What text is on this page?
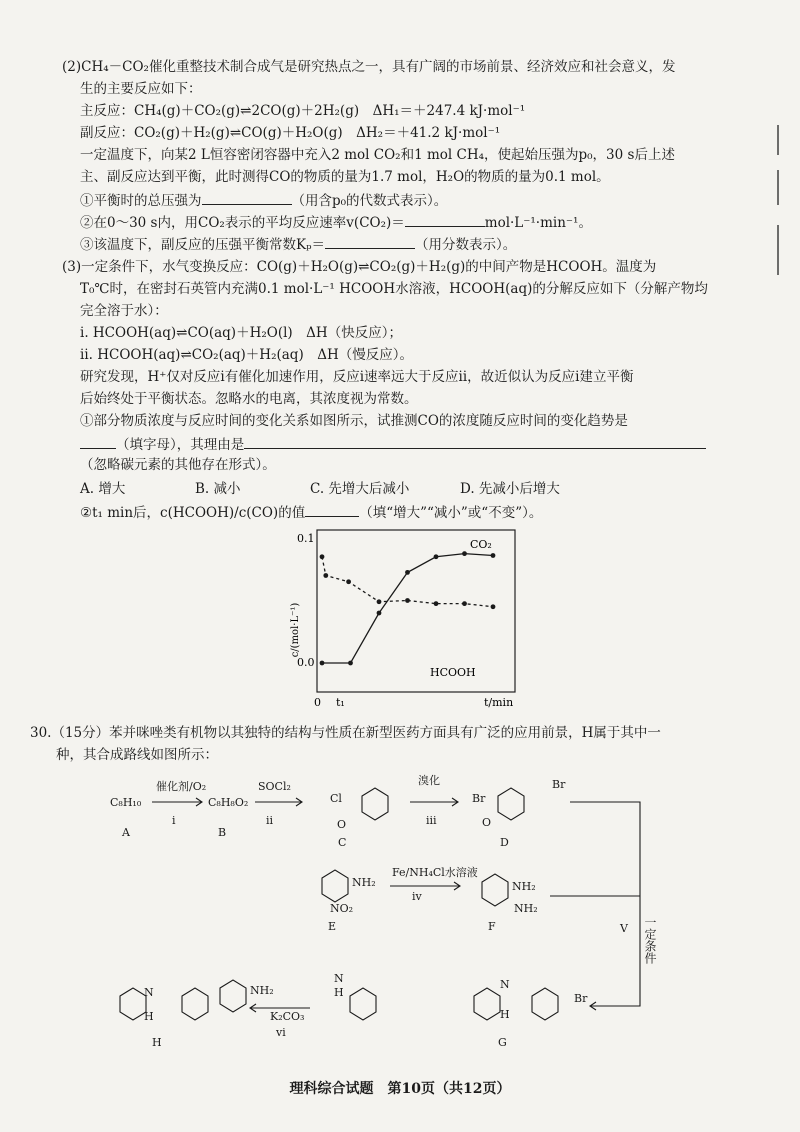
(2)CH₄－CO₂催化重整技术制合成气是研究热点之一，具有广阔的市场前景、经济效应和社会意义，发
生的主要反应如下：
主反应：CH₄(g)＋CO₂(g)⇌2CO(g)＋2H₂(g)　ΔH₁＝＋247.4 kJ·mol⁻¹
副反应：CO₂(g)＋H₂(g)⇌CO(g)＋H₂O(g)　ΔH₂＝＋41.2 kJ·mol⁻¹
一定温度下，向某2 L恒容密闭容器中充入2 mol CO₂和1 mol CH₄，使起始压强为p₀，30 s后上述
主、副反应达到平衡，此时测得CO的物质的量为1.7 mol，H₂O的物质的量为0.1 mol。
①平衡时的总压强为	（用含p₀的代数式表示）。
②在0～30 s内，用CO₂表示的平均反应速率v(CO₂)＝	mol·L⁻¹·min⁻¹。
③该温度下，副反应的压强平衡常数Kₚ＝	（用分数表示）。
(3)一定条件下，水气变换反应：CO(g)＋H₂O(g)⇌CO₂(g)＋H₂(g)的中间产物是HCOOH。温度为
T₀℃时，在密封石英管内充满0.1 mol·L⁻¹ HCOOH水溶液，HCOOH(aq)的分解反应如下（分解产物均
完全溶于水）：
ⅰ. HCOOH(aq)⇌CO(aq)＋H₂O(l)　ΔH（快反应）；
ⅱ. HCOOH(aq)⇌CO₂(aq)＋H₂(aq)　ΔH（慢反应）。
研究发现，H⁺仅对反应ⅰ有催化加速作用，反应ⅰ速率远大于反应ⅱ，故近似认为反应ⅰ建立平衡
后始终处于平衡状态。忽略水的电离，其浓度视为常数。
①部分物质浓度与反应时间的变化关系如图所示，试推测CO的浓度随反应时间的变化趋势是
（填字母），其理由是
（忽略碳元素的其他存在形式）。
A. 增大	B. 减小	C. 先增大后减小	D. 先减小后增大
②t₁ min后，c(HCOOH)/c(CO)的值	（填“增大”“减小”或“不变”）。
c/(mol·L⁻¹)
0.1
0.0
0 t₁	t/min
CO₂
HCOOH
30.（15分）苯并咪唑类有机物以其独特的结构与性质在新型医药方面具有广泛的应用前景，H属于其中一
种，其合成路线如图所示：
C₈H₁₀
A
催化剂/O₂
ⅰ
C₈H₈O₂
B
SOCl₂
ⅱ
Cl
O
C
溴化
ⅲ
Br
Br
O
D
NH₂
NO₂
E
Fe/NH₄Cl水溶液
ⅳ
NH₂
NH₂
F
NH₂
K₂CO₃
ⅵ
N
H
N
H
H
N
H
Br
G
Ⅴ 一定条件
理科综合试题　第10页（共12页）
